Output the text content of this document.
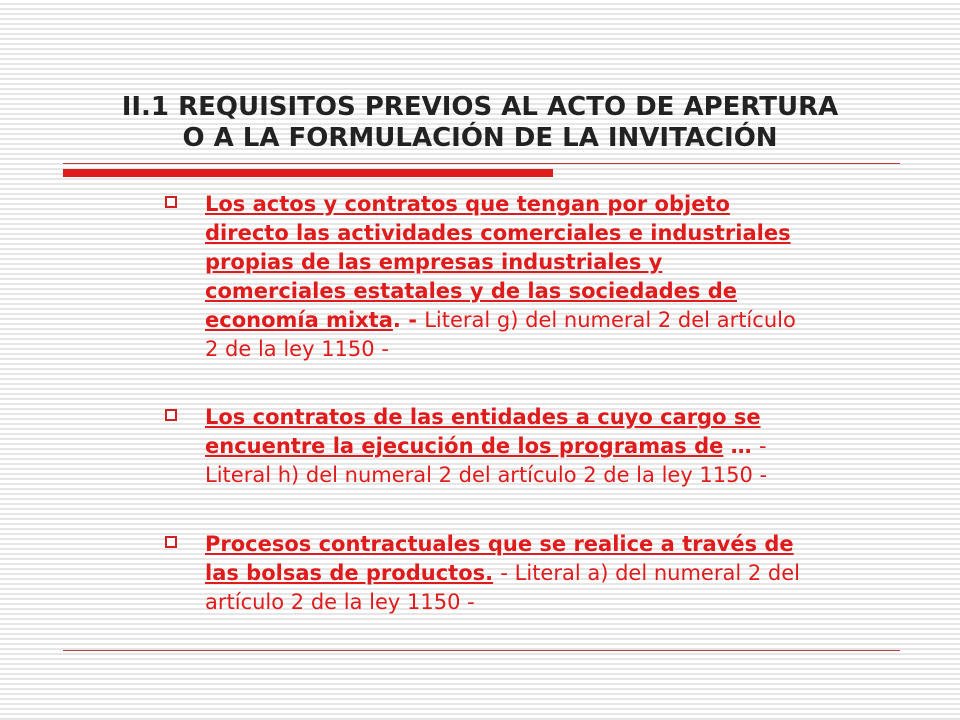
II.1 REQUISITOS PREVIOS AL ACTO DE APERTURA
O A LA FORMULACIÓN DE LA INVITACIÓN
Los actos y contratos que tengan por objeto
directo las actividades comerciales e industriales
propias de las empresas industriales y
comerciales estatales y de las sociedades de
economía mixta. - Literal g) del numeral 2 del artículo
2 de la ley 1150 -
Los contratos de las entidades a cuyo cargo se
encuentre la ejecución de los programas de … -
Literal h) del numeral 2 del artículo 2 de la ley 1150 -
Procesos contractuales que se realice a través de
las bolsas de productos. - Literal a) del numeral 2 del
artículo 2 de la ley 1150 -
